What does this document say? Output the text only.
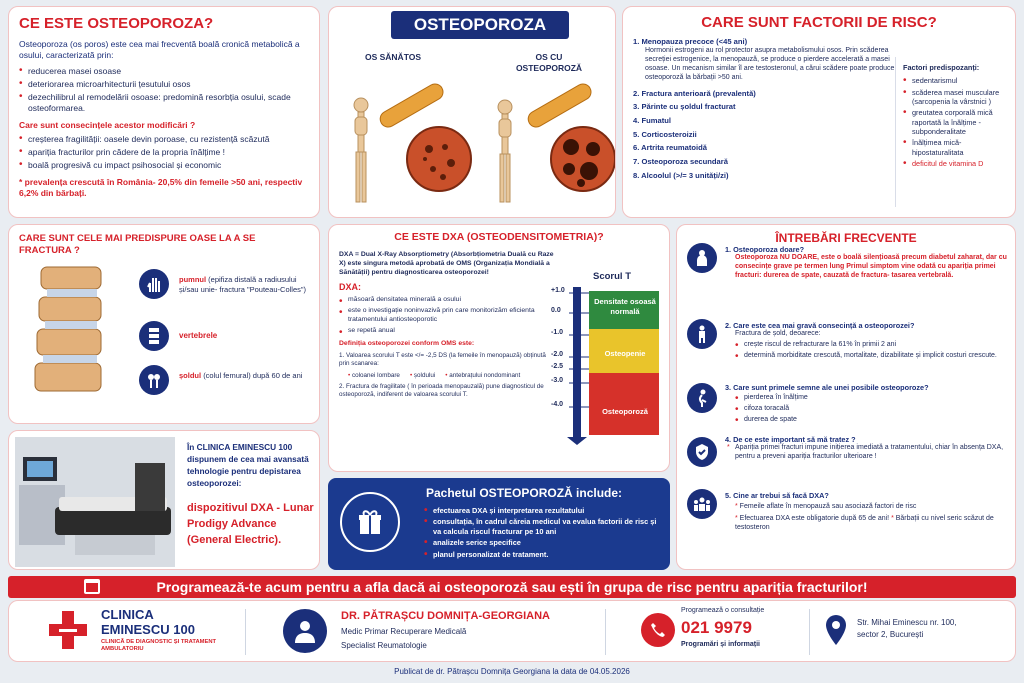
CE ESTE OSTEOPOROZA?
Osteoporoza (os poros) este cea mai frecventă boală cronică metabolică a osului, caracterizată prin:
• reducerea masei osoase
• deteriorarea microarhitecturii țesutului osos
• dezechilibrul al remodelării osoase: predomină resorbția osului, scade osteoformarea.
Care sunt consecințele acestor modificări ?
• creșterea fragilității: oasele devin poroase, cu rezistență scăzută
• apariția fracturilor prin cădere de la propria înălțime !
• boală progresivă cu impact psihosocial și economic
* prevalența crescută în România- 20,5% din femeile >50 ani, respectiv 6,2% din bărbați.
OSTEOPOROZA
OS SĂNĂTOS	OS CU OSTEOPOROZĂ
CARE SUNT FACTORII DE RISC?
1. Menopauza precoce (<45 ani)
Hormonii estrogeni au rol protector asupra metabolismului osos. Prin scăderea secreției estrogenice, la menopauză, se produce o pierdere accelerată a masei osoase. Un mecanism similar îl are testosteronul, a cărui scădere poate produce osteoporoză la bărbații >50 ani.
2. Fractura anterioară (prevalentă)
3. Părinte cu șoldul fracturat
4. Fumatul
5. Corticosteroizii
6. Artrita reumatoidă
7. Osteoporoza secundară
8. Alcoolul (>/= 3 unități/zi)
Factori predispozanți:
• sedentarismul
• scăderea masei musculare (sarcopenia la vârstnici )
• greutatea corporală mică raportată la înălțime - subponderalitate
• înălțimea mică- hipostaturalitata
• deficitul de vitamina D
CARE SUNT CELE MAI PREDISPURE OASE LA A SE FRACTURA ?
pumnul (epifiza distală a radiusului și/sau unie- fractura "Pouteau-Colles")
vertebrele
șoldul (colul femural) după 60 de ani
CE ESTE DXA (OSTEODENSITOMETRIA)?
DXA = Dual X-Ray Absorptiometry (Absorbțiometria Duală cu Raze X) este singura metodă aprobată de OMS (Organizația Mondială a Sănătății) pentru diagnosticarea osteoporozei!
DXA:
• măsoară densitatea minerală a osului
• este o investigație noninvazivă prin care monitorizăm eficienta tratamentului antiosteoporotic
• se repetă anual
Definiția osteoporozei conform OMS este:
1. Valoarea scorului T este </= -2,5 DS (la femeile în menopauză) obținută prin scanarea:
• coloanei lombare • șoldului • antebrațului nondominant
2. Fractura de fragilitate ( în perioada menopauzală) pune diagnosticul de osteoporoză, indiferent de valoarea scorului T.
Scorul T
+1.0
0.0
-1.0
-2.0
-2.5
-3.0
-4.0
Densitate osoasă normală
Osteopenie
Osteoporoză
ÎNTREBĂRI FRECVENTE
1. Osteoporoza doare?
Osteoporoza NU DOARE, este o boală silențioasă precum diabetul zaharat, dar cu consecințe grave pe termen lung Primul simptom vine odată cu apariția primei fracturi: durerea de spate, cauzată de fractura- tasarea vertebrală.
2. Care este cea mai gravă consecință a osteoporozei?
Fractura de șold, deoarece:
• crește riscul de refracturare la 61% în primii 2 ani
• determină morbiditate crescută, mortalitate, dizabilitate și implicit costuri crescute.
3. Care sunt primele semne ale unei posibile osteoporoze?
• pierderea în înălțime
• cifoza toracală
• durerea de spate
4. De ce este important să mă tratez ?
* Apariția primei fracturi impune inițierea imediată a tratamentului, chiar în absența DXA, pentru a preveni apariția fracturilor ulterioare !
5. Cine ar trebui să facă DXA?
* Femeile aflate în menopauză sau asociază factori de risc
* Efectuarea DXA este obligatorie după 65 de ani! * Bărbații cu nivel seric scăzut de testosteron
În CLINICA EMINESCU 100 dispunem de cea mai avansată tehnologie pentru depistarea osteoporozei:
dispozitivul DXA - Lunar Prodigy Advance (General Electric).
Pachetul OSTEOPOROZĂ include:
• efectuarea DXA și interpretarea rezultatului
• consultația, în cadrul căreia medicul va evalua factorii de risc și va calcula riscul fracturar pe 10 ani
• analizele serice specifice
• planul personalizat de tratament.
Programează-te acum pentru a afla dacă ai osteoporoză sau ești în grupa de risc pentru apariția fracturilor!
CLINICA
EMINESCU 100
CLINICĂ DE DIAGNOSTIC ȘI TRATAMENT AMBULATORIU
DR. PĂTRAȘCU DOMNIȚA-GEORGIANA
Medic Primar Recuperare Medicală
Specialist Reumatologie
Programează o consultație
021 9979
Programări și informații
Str. Mihai Eminescu nr. 100, sector 2, București
Publicat de dr. Pătrașcu Domnița Georgiana la data de 04.05.2026
